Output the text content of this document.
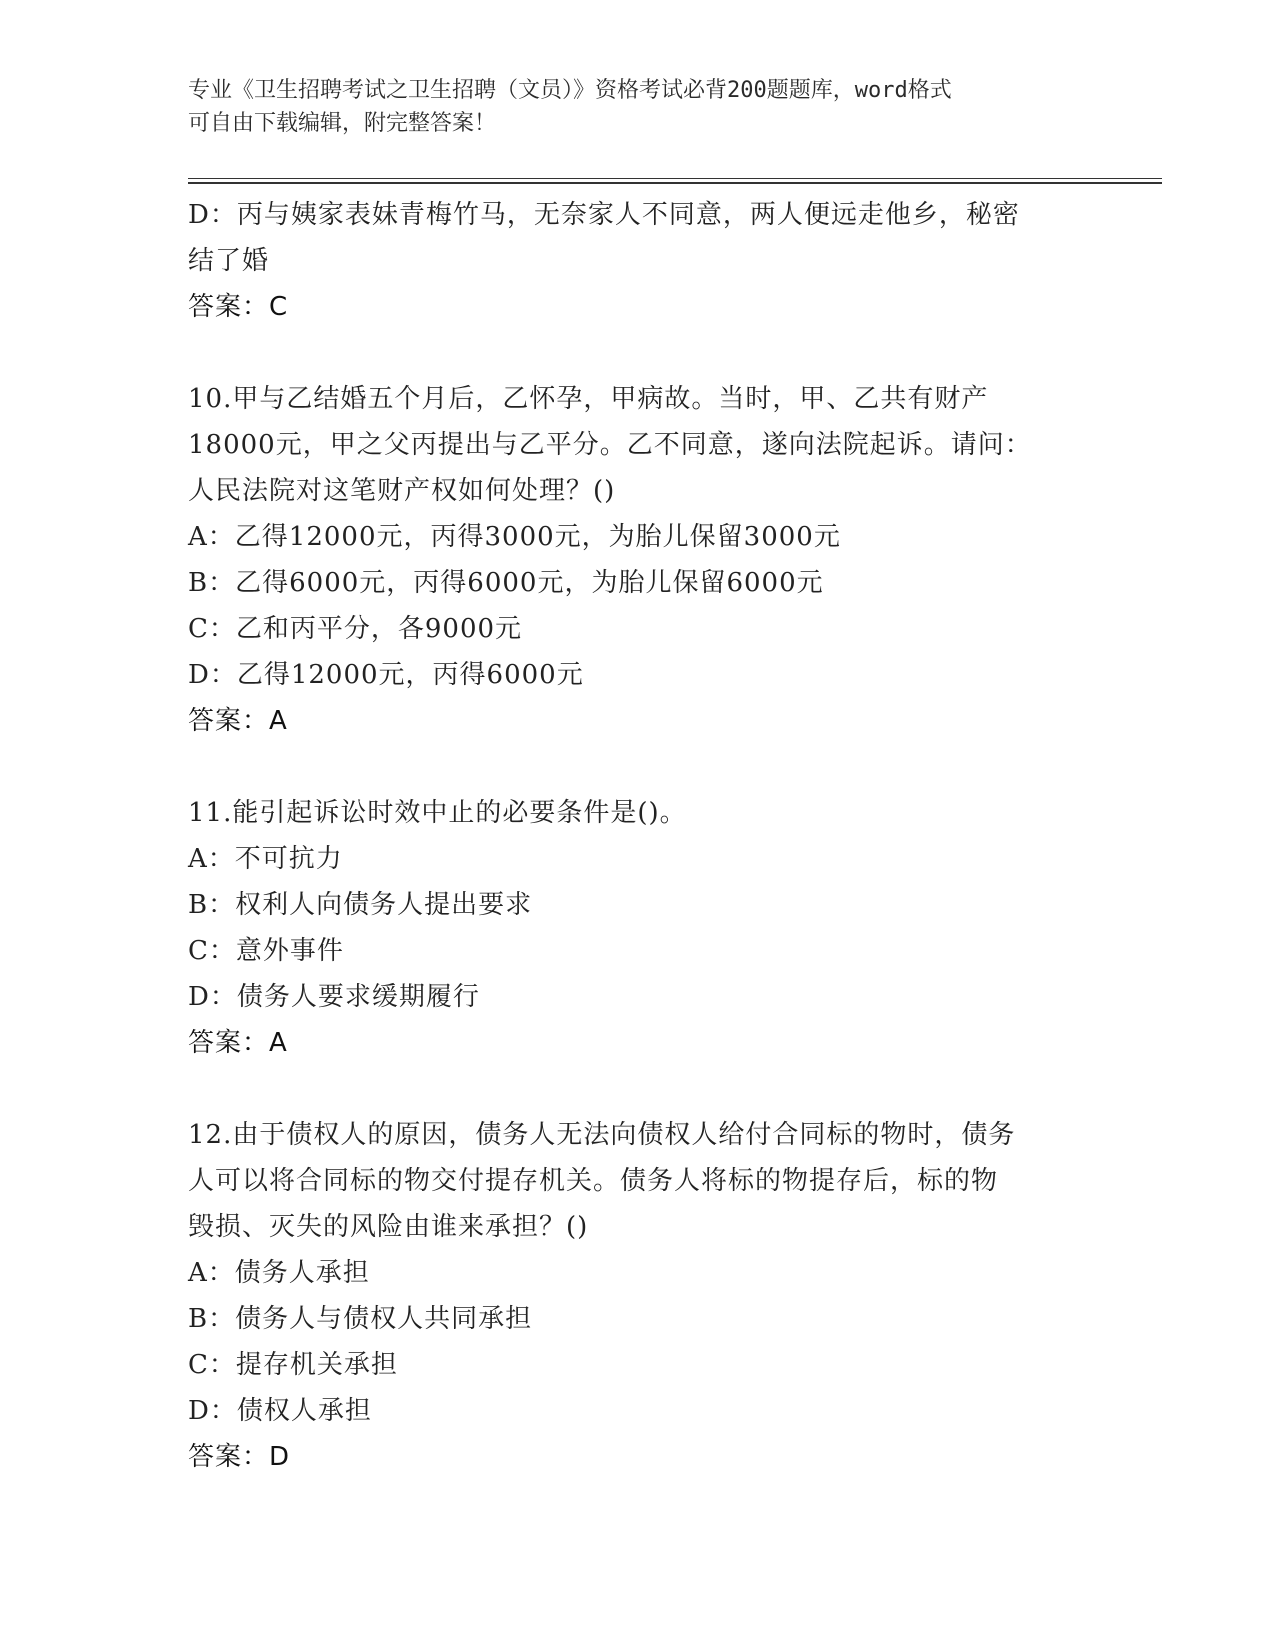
专业《卫生招聘考试之卫生招聘（文员）》资格考试必背200题题库，word格式
可自由下载编辑，附完整答案！
D：丙与姨家表妹青梅竹马，无奈家人不同意，两人便远走他乡，秘密
结了婚
答案：C
10.甲与乙结婚五个月后，乙怀孕，甲病故。当时，甲、乙共有财产
18000元，甲之父丙提出与乙平分。乙不同意，遂向法院起诉。请问：
人民法院对这笔财产权如何处理？()
A：乙得12000元，丙得3000元，为胎儿保留3000元
B：乙得6000元，丙得6000元，为胎儿保留6000元
C：乙和丙平分，各9000元
D：乙得12000元，丙得6000元
答案：A
11.能引起诉讼时效中止的必要条件是()。
A：不可抗力
B：权利人向债务人提出要求
C：意外事件
D：债务人要求缓期履行
答案：A
12.由于债权人的原因，债务人无法向债权人给付合同标的物时，债务
人可以将合同标的物交付提存机关。债务人将标的物提存后，标的物
毁损、灭失的风险由谁来承担？()
A：债务人承担
B：债务人与债权人共同承担
C：提存机关承担
D：债权人承担
答案：D
